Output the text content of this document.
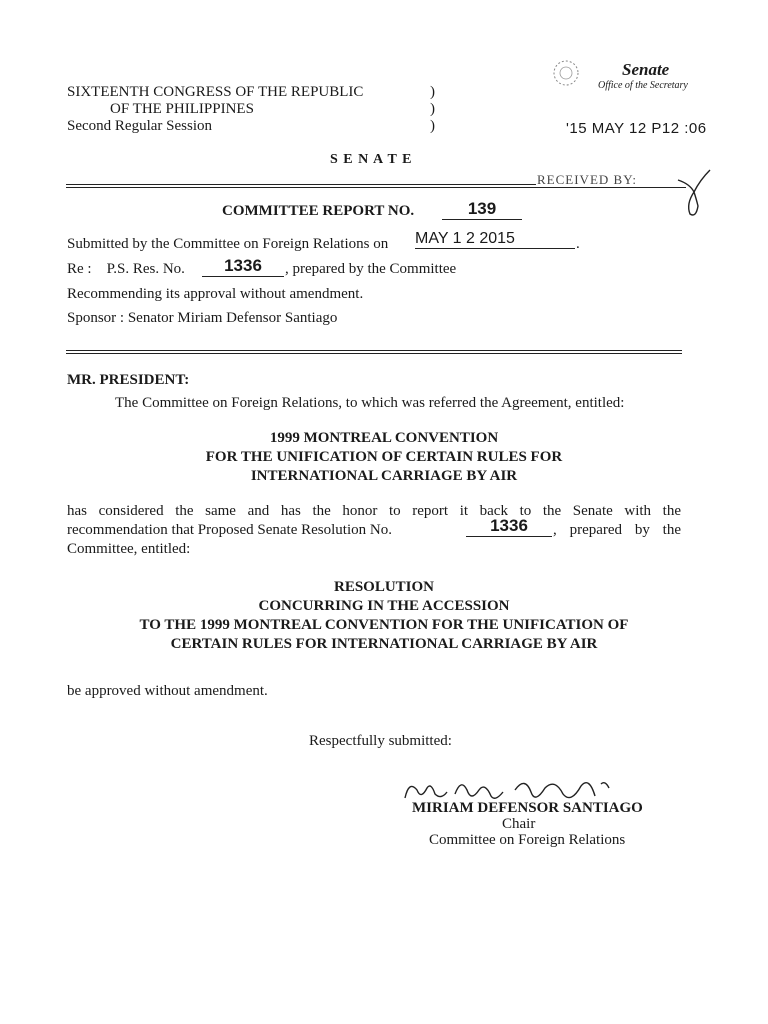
SIXTEENTH CONGRESS OF THE REPUBLIC
OF THE PHILIPPINES
Second Regular Session
)
)
)
Senate
Office of the Secretary
'15 MAY 12 P12 :06
RECEIVED BY:
S E N A T E
COMMITTEE REPORT NO.	139
Submitted by the Committee on Foreign Relations on MAY 1 2 2015	.
Re :    P.S. Res. No.	1336	, prepared by the Committee
Recommending its approval without amendment.
Sponsor : Senator Miriam Defensor Santiago
MR. PRESIDENT:
The Committee on Foreign Relations, to which was referred the Agreement, entitled:
1999 MONTREAL CONVENTION
FOR THE UNIFICATION OF CERTAIN RULES FOR
INTERNATIONAL CARRIAGE BY AIR
has considered the same and has the honor to report it back to the Senate with the
recommendation that Proposed Senate Resolution No.	1336	, prepared by the
Committee, entitled:
RESOLUTION
CONCURRING IN THE ACCESSION
TO THE 1999 MONTREAL CONVENTION FOR THE UNIFICATION OF
CERTAIN RULES FOR INTERNATIONAL CARRIAGE BY AIR
be approved without amendment.
Respectfully submitted:
MIRIAM DEFENSOR SANTIAGO
Chair
Committee on Foreign Relations
